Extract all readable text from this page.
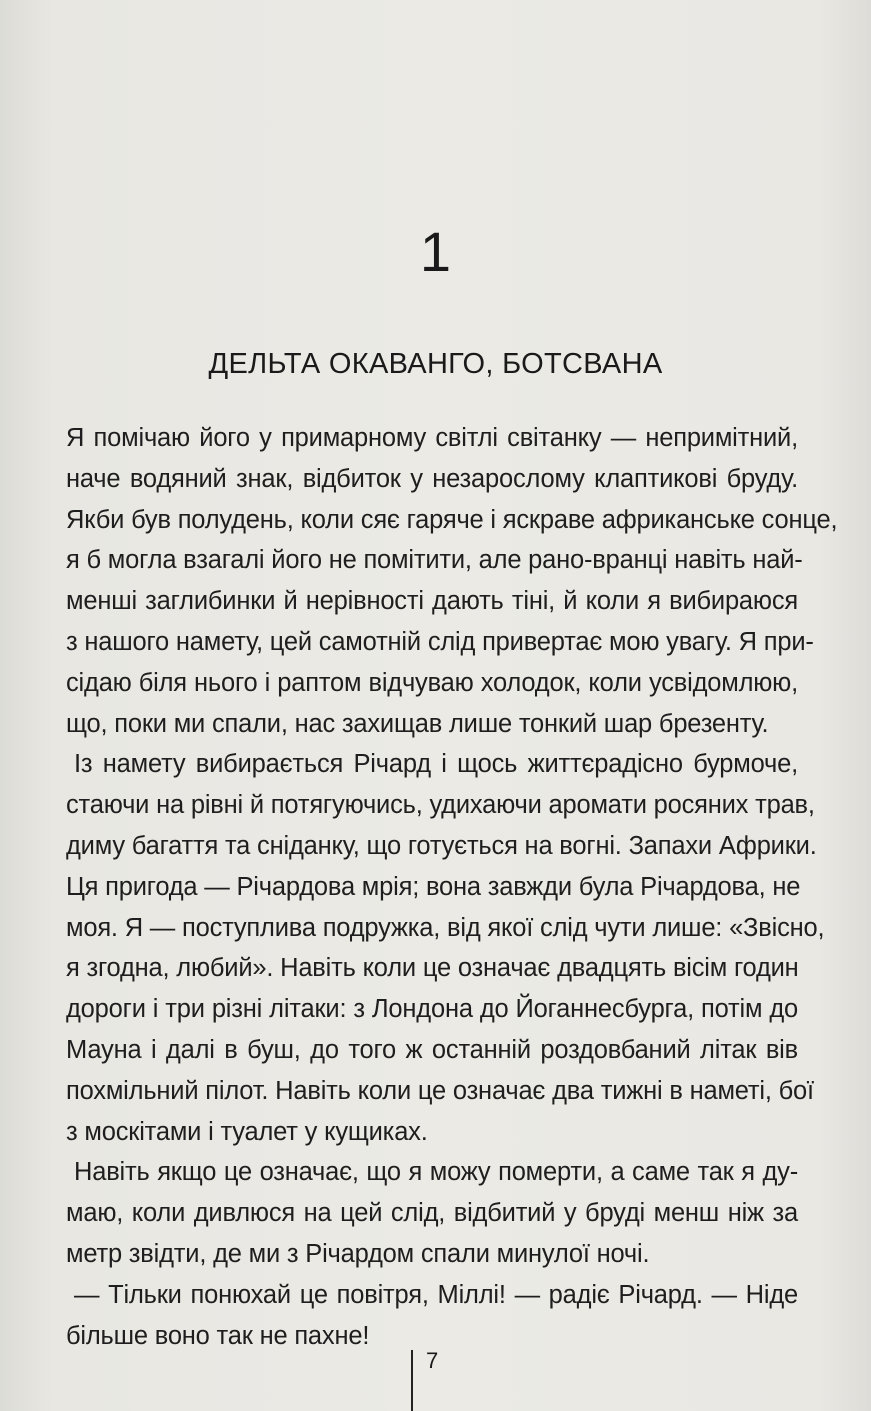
1
ДЕЛЬТА ОКАВАНГО, БОТСВАНА
Я помічаю його у примарному світлі світанку — непримітний,
наче водяний знак, відбиток у незарослому клаптикові бруду.
Якби був полудень, коли сяє гаряче і яскраве африканське сонце,
я б могла взагалі його не помітити, але рано-вранці навіть най-
менші заглибинки й нерівності дають тіні, й коли я вибираюся
з нашого намету, цей самотній слід привертає мою увагу. Я при-
сідаю біля нього і раптом відчуваю холодок, коли усвідомлюю,
що, поки ми спали, нас захищав лише тонкий шар брезенту.
Із намету вибирається Річард і щось життєрадісно бурмоче,
стаючи на рівні й потягуючись, удихаючи аромати росяних трав,
диму багаття та сніданку, що готується на вогні. Запахи Африки.
Ця пригода — Річардова мрія; вона завжди була Річардова, не
моя. Я — поступлива подружка, від якої слід чути лише: «Звісно,
я згодна, любий». Навіть коли це означає двадцять вісім годин
дороги і три різні літаки: з Лондона до Йоганнесбурга, потім до
Мауна і далі в буш, до того ж останній роздовбаний літак вів
похмільний пілот. Навіть коли це означає два тижні в наметі, бої
з москітами і туалет у кущиках.
Навіть якщо це означає, що я можу померти, а саме так я ду-
маю, коли дивлюся на цей слід, відбитий у бруді менш ніж за
метр звідти, де ми з Річардом спали минулої ночі.
— Тільки понюхай це повітря, Міллі! — радіє Річард. — Ніде
більше воно так не пахне!
7
